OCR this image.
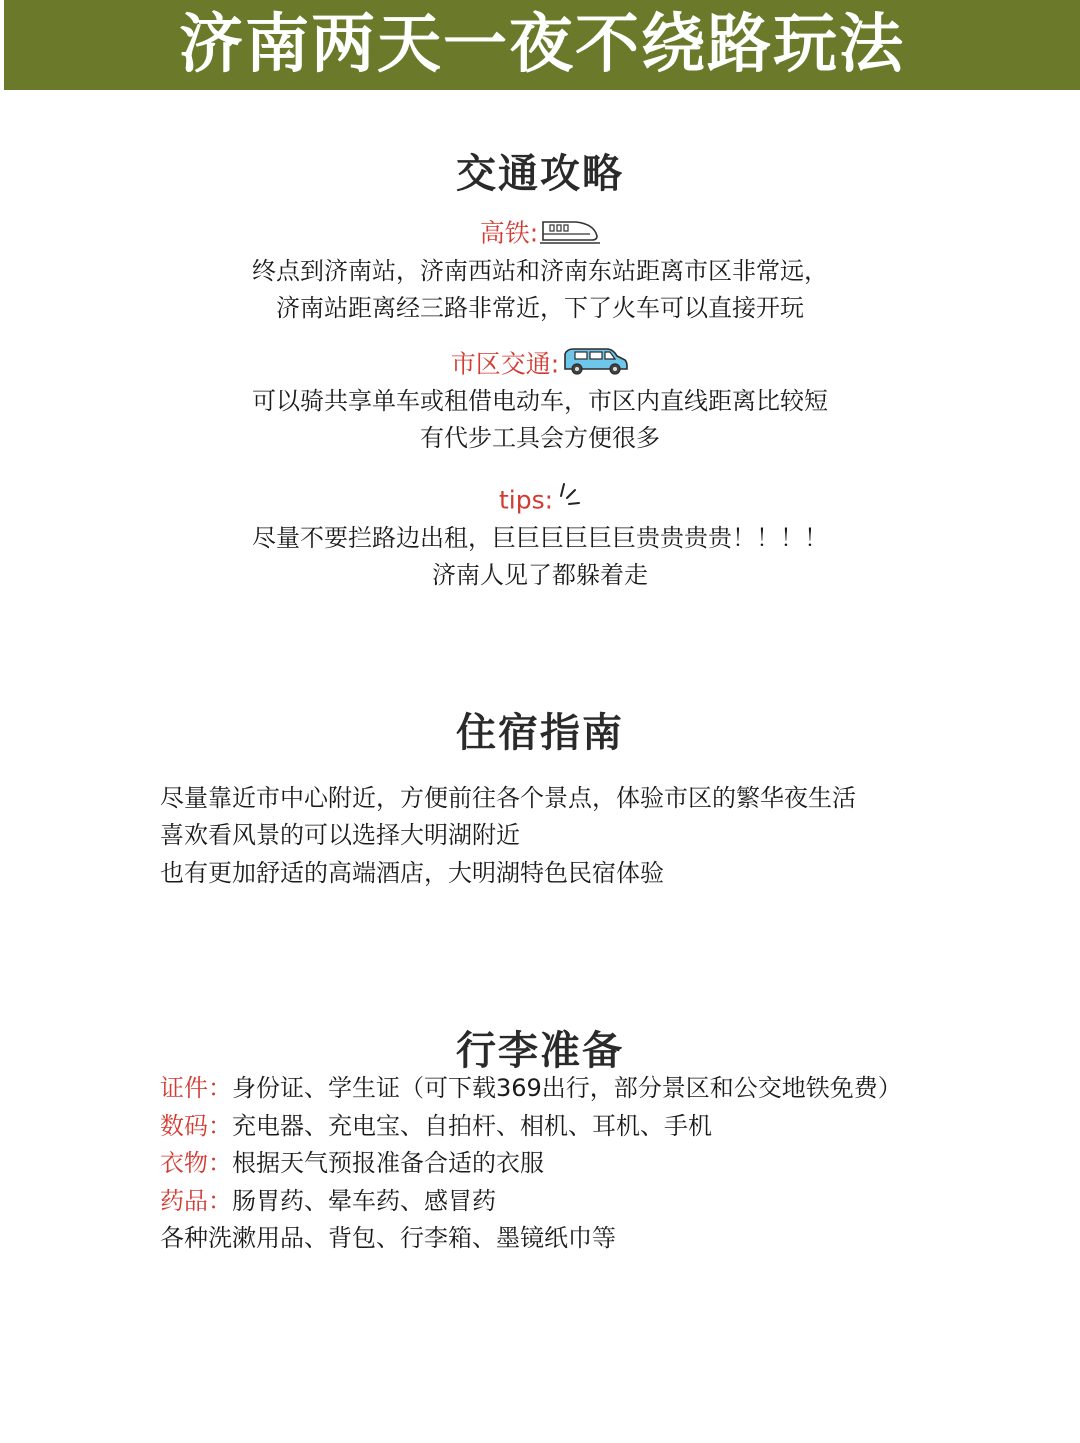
济南两天一夜不绕路玩法
交通攻略
高铁:
终点到济南站，济南西站和济南东站距离市区非常远，
济南站距离经三路非常近，下了火车可以直接开玩
市区交通:
可以骑共享单车或租借电动车，市区内直线距离比较短
有代步工具会方便很多
tips:
尽量不要拦路边出租，巨巨巨巨巨巨贵贵贵贵！！！！
济南人见了都躲着走
住宿指南
尽量靠近市中心附近，方便前往各个景点，体验市区的繁华夜生活
喜欢看风景的可以选择大明湖附近
也有更加舒适的高端酒店，大明湖特色民宿体验
行李准备
证件：身份证、学生证（可下载369出行，部分景区和公交地铁免费）
数码：充电器、充电宝、自拍杆、相机、耳机、手机
衣物：根据天气预报准备合适的衣服
药品：肠胃药、晕车药、感冒药
各种洗漱用品、背包、行李箱、墨镜纸巾等
